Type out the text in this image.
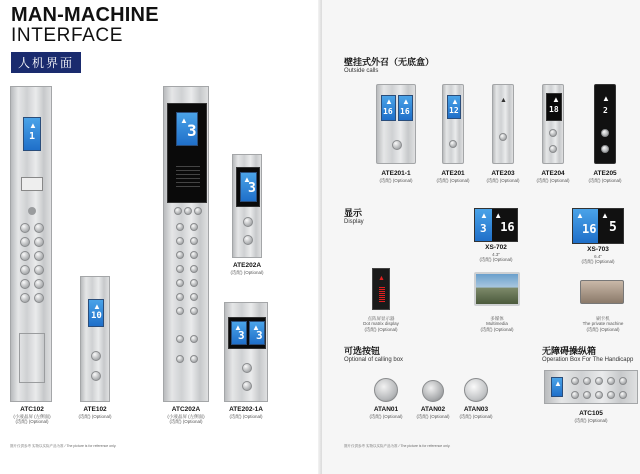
MAN-MACHINE
INTERFACE
人机界面
▲
1
ATC102
(小液晶屏 (左侧面)
(选配) (Optional)
▲
10
ATE102
(选配) (Optional)
▲
3
ATC202A
(小液晶屏 (左侧面)
(选配) (Optional)
▲
3
ATE202A
(选配) (Optional)
▲
3
▲
3
ATE202-1A
(选配) (Optional)
图片仅供参考 实物以实际产品为准 / The picture is for reference only.
壁挂式外召（无底盒）
Outside calls
▲
16
▲
16
ATE201-1
(选配) (Optional)
▲
12
ATE201
(选配) (Optional)
▲
ATE203
(选配) (Optional)
▲
18
ATE204
(选配) (Optional)
▲
2
ATE205
(选配) (Optional)
显示
Display
▲
3
▲
16
XS-702
4.3"
(选配) (Optional)
▲
16
▲
5
XS-703
6.4"
(选配) (Optional)
▲
点阵屏显示器
Dot matrix display
(选配) (Optional)
多媒体
Multimedia
(选配) (Optional)
刷卡机
The private machine
(选配) (Optional)
可选按钮
Optional of calling box
ATAN01
(选配) (Optional)
ATAN02
(选配) (Optional)
ATAN03
(选配) (Optional)
无障碍操纵箱
Operation Box For The Handicapp
▲
ATC105
(选配) (Optional)
图片仅供参考 实物以实际产品为准 / The picture is for reference only.
